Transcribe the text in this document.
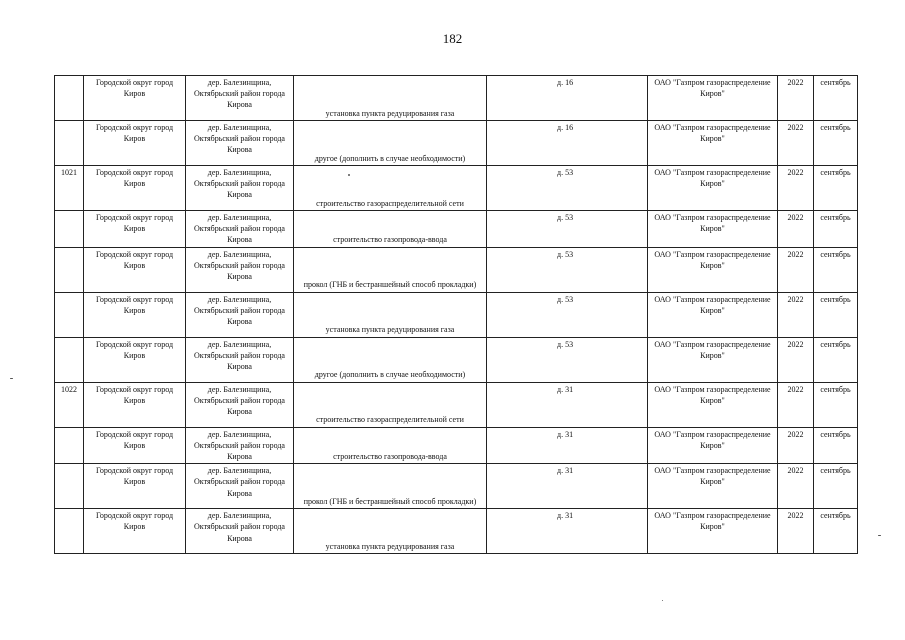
182
	Городской округ город Киров	дер. Балезинщина, Октябрьский район города Кирова	установка пункта редуцирования газа	д. 16	ОАО "Газпром газораспределение Киров"	2022	сентябрь
	Городской округ город Киров	дер. Балезинщина, Октябрьский район города Кирова	другое (дополнить в случае необходимости)	д. 16	ОАО "Газпром газораспределение Киров"	2022	сентябрь
1021	Городской округ город Киров	дер. Балезинщина, Октябрьский район города Кирова	строительство газораспределительной сети	д. 53	ОАО "Газпром газораспределение Киров"	2022	сентябрь
	Городской округ город Киров	дер. Балезинщина, Октябрьский район города Кирова	строительство газопровода-ввода	д. 53	ОАО "Газпром газораспределение Киров"	2022	сентябрь
	Городской округ город Киров	дер. Балезинщина, Октябрьский район города Кирова	прокол (ГНБ и бестраншейный способ прокладки)	д. 53	ОАО "Газпром газораспределение Киров"	2022	сентябрь
	Городской округ город Киров	дер. Балезинщина, Октябрьский район города Кирова	установка пункта редуцирования газа	д. 53	ОАО "Газпром газораспределение Киров"	2022	сентябрь
	Городской округ город Киров	дер. Балезинщина, Октябрьский район города Кирова	другое (дополнить в случае необходимости)	д. 53	ОАО "Газпром газораспределение Киров"	2022	сентябрь
1022	Городской округ город Киров	дер. Балезинщина, Октябрьский район города Кирова	строительство газораспределительной сети	д. 31	ОАО "Газпром газораспределение Киров"	2022	сентябрь
	Городской округ город Киров	дер. Балезинщина, Октябрьский район города Кирова	строительство газопровода-ввода	д. 31	ОАО "Газпром газораспределение Киров"	2022	сентябрь
	Городской округ город Киров	дер. Балезинщина, Октябрьский район города Кирова	прокол (ГНБ и бестраншейный способ прокладки)	д. 31	ОАО "Газпром газораспределение Киров"	2022	сентябрь
	Городской округ город Киров	дер. Балезинщина, Октябрьский район города Кирова	установка пункта редуцирования газа	д. 31	ОАО "Газпром газораспределение Киров"	2022	сентябрь
